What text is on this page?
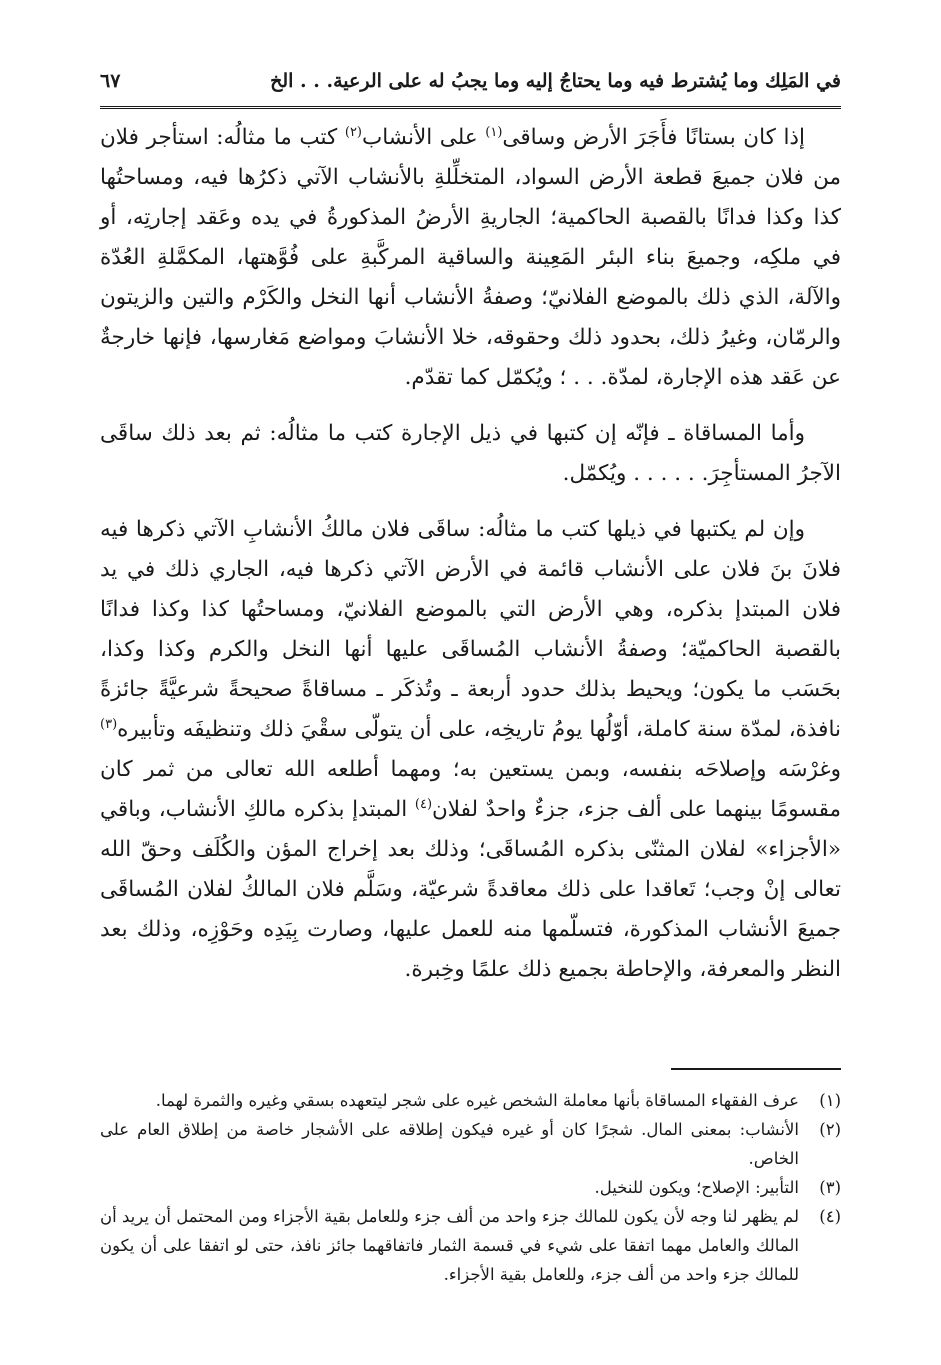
في المَلِك وما يُشترط فيه وما يحتاجُ إليه وما يجبُ له على الرعية. . . الخ
٦٧

إذا كان بستانًا فأَجَرَ الأرض وساقى$^{(١)}$ على الأنشاب$^{(٢)}$ كتب ما مثالُه: استأجر فلان من فلان جميعَ قطعة الأرض السواد، المتخلِّلةِ بالأنشاب الآتي ذكرُها فيه، ومساحتُها كذا وكذا فدانًا بالقصبة الحاكمية؛ الجاريةِ الأرضُ المذكورةُ في يده وعَقد إجارتِه، أو في ملكِه، وجميعَ بناء البئر المَعِينة والساقية المركَّبةِ على فُوَّهتها، المكمَّلةِ العُدّة والآلة، الذي ذلك بالموضع الفلانيّ؛ وصفةُ الأنشاب أنها النخل والكَرْم والتين والزيتون والرمّان، وغيرُ ذلك، بحدود ذلك وحقوقه، خلا الأنشابَ ومواضع مَغارسها، فإنها خارجةٌ عن عَقد هذه الإجارة، لمدّة. . . ؛ ويُكمّل كما تقدّم.

وأما المساقاة ـ فإنّه إن كتبها في ذيل الإجارة كتب ما مثالُه: ثم بعد ذلك ساقَى الآجرُ المستأجِرَ. . . . . . ويُكمّل.

وإن لم يكتبها في ذيلها كتب ما مثالُه: ساقَى فلان مالكُ الأنشابِ الآتي ذكرها فيه فلانَ بنَ فلان على الأنشاب قائمة في الأرض الآتي ذكرها فيه، الجاري ذلك في يد فلان المبتدإ بذكره، وهي الأرض التي بالموضع الفلانيّ، ومساحتُها كذا وكذا فدانًا بالقصبة الحاكميّة؛ وصفةُ الأنشاب المُساقَى عليها أنها النخل والكرم وكذا وكذا، بحَسَب ما يكون؛ ويحيط بذلك حدود أربعة ـ وتُذكَر ـ مساقاةً صحيحةً شرعيَّةً جائزةً نافذة، لمدّة سنة كاملة، أوّلُها يومُ تاريخِه، على أن يتولّى سقْيَ ذلك وتنظيفَه وتأبيره$^{(٣)}$ وغرْسَه وإصلاحَه بنفسه، وبمن يستعين به؛ ومهما أطلعه الله تعالى من ثمر كان مقسومًا بينهما على ألف جزء، جزءٌ واحدٌ لفلان$^{(٤)}$ المبتدإ بذكره مالكِ الأنشاب، وباقي «الأجزاء» لفلان المثنّى بذكره المُساقَى؛ وذلك بعد إخراج المؤن والكُلَف وحقّ الله تعالى إنْ وجب؛ تَعاقدا على ذلك معاقدةً شرعيّة، وسَلَّم فلان المالكُ لفلان المُساقَى جميعَ الأنشاب المذكورة، فتسلّمها منه للعمل عليها، وصارت بِيَدِه وحَوْزِه، وذلك بعد النظر والمعرفة، والإحاطة بجميع ذلك علمًا وخِبرة.

(١)
عرف الفقهاء المساقاة بأنها معاملة الشخص غيره على شجر ليتعهده بسقي وغيره والثمرة لهما.
(٢)
الأنشاب: بمعنى المال. شجرًا كان أو غيره فيكون إطلاقه على الأشجار خاصة من إطلاق العام على الخاص.
(٣)
التأبير: الإصلاح؛ ويكون للنخيل.
(٤)
لم يظهر لنا وجه لأن يكون للمالك جزء واحد من ألف جزء وللعامل بقية الأجزاء ومن المحتمل أن يريد أن المالك والعامل مهما اتفقا على شيء في قسمة الثمار فاتفاقهما جائز نافذ، حتى لو اتفقا على أن يكون للمالك جزء واحد من ألف جزء، وللعامل بقية الأجزاء.
